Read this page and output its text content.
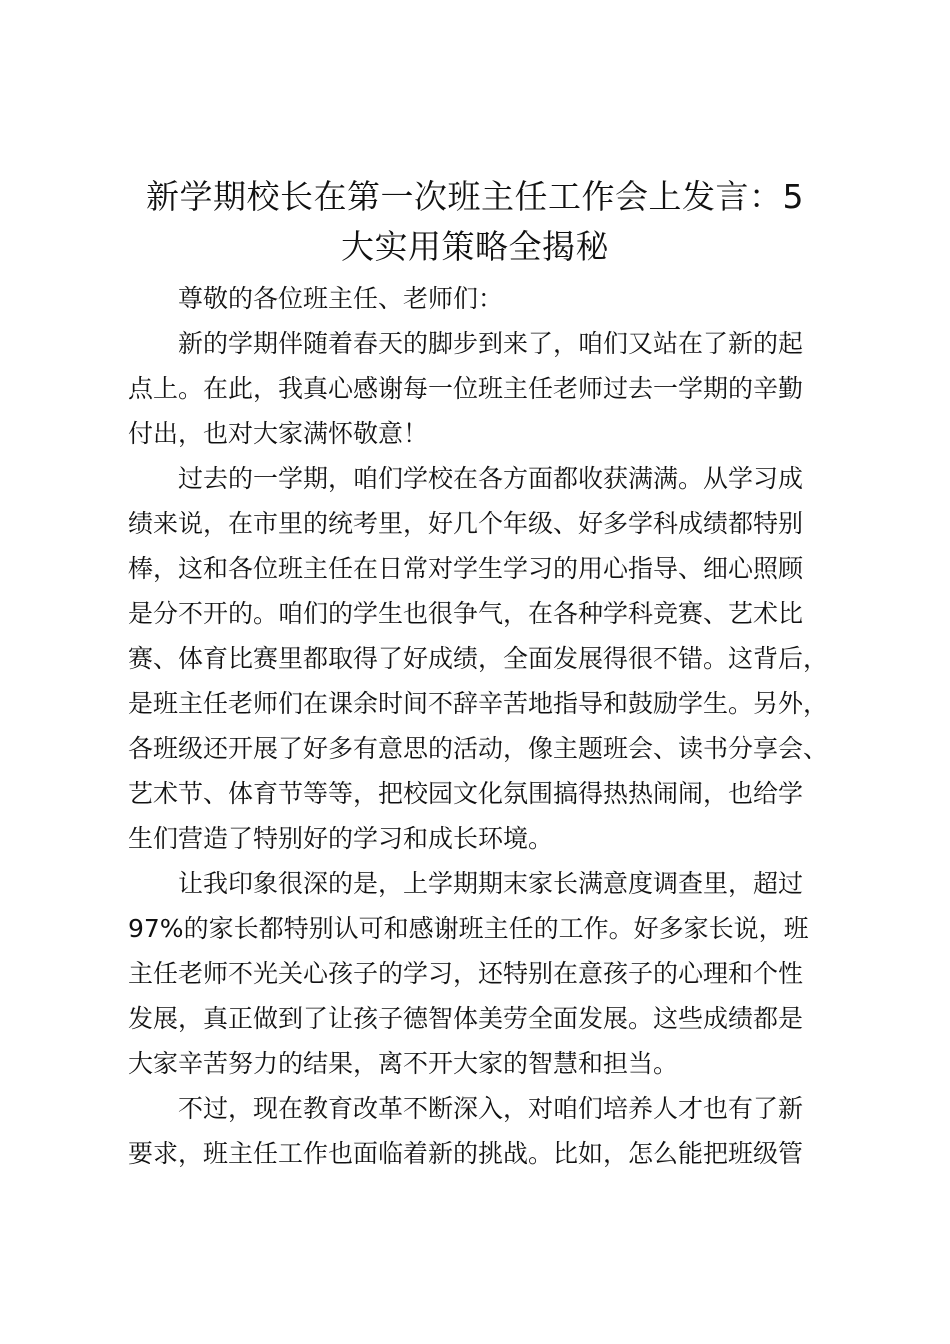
新学期校长在第一次班主任工作会上发言：5
大实用策略全揭秘

尊敬的各位班主任、老师们：

新的学期伴随着春天的脚步到来了，咱们又站在了新的起
点上。在此，我真心感谢每一位班主任老师过去一学期的辛勤
付出，也对大家满怀敬意！

过去的一学期，咱们学校在各方面都收获满满。从学习成
绩来说，在市里的统考里，好几个年级、好多学科成绩都特别
棒，这和各位班主任在日常对学生学习的用心指导、细心照顾
是分不开的。咱们的学生也很争气，在各种学科竞赛、艺术比
赛、体育比赛里都取得了好成绩，全面发展得很不错。这背后，
是班主任老师们在课余时间不辞辛苦地指导和鼓励学生。另外，
各班级还开展了好多有意思的活动，像主题班会、读书分享会、
艺术节、体育节等等，把校园文化氛围搞得热热闹闹，也给学
生们营造了特别好的学习和成长环境。

让我印象很深的是，上学期期末家长满意度调查里，超过
97%的家长都特别认可和感谢班主任的工作。好多家长说，班
主任老师不光关心孩子的学习，还特别在意孩子的心理和个性
发展，真正做到了让孩子德智体美劳全面发展。这些成绩都是
大家辛苦努力的结果，离不开大家的智慧和担当。

不过，现在教育改革不断深入，对咱们培养人才也有了新
要求，班主任工作也面临着新的挑战。比如，怎么能把班级管
